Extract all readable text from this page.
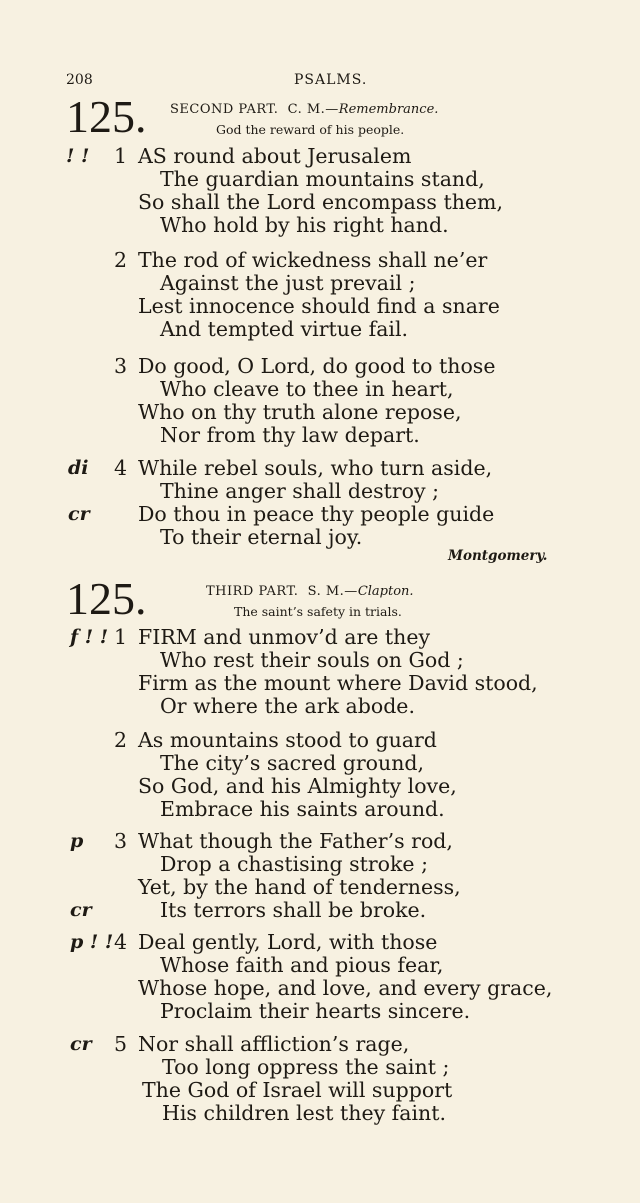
208	PSALMS.
125. SECOND PART. C. M.—Remembrance.
God the reward of his people.
! ! 1 AS round about Jerusalem
The guardian mountains stand,
So shall the Lord encompass them,
Who hold by his right hand.
2 The rod of wickedness shall ne’er
Against the just prevail ;
Lest innocence should find a snare
And tempted virtue fail.
3 Do good, O Lord, do good to those
Who cleave to thee in heart,
Who on thy truth alone repose,
Nor from thy law depart.
di 4 While rebel souls, who turn aside,
Thine anger shall destroy ;
cr Do thou in peace thy people guide
To their eternal joy.
Montgomery.
125.	THIRD PART. S. M.—Clapton.
The saint’s safety in trials.
f ! ! 1 FIRM and unmov’d are they
Who rest their souls on God ;
Firm as the mount where David stood,
Or where the ark abode.
2 As mountains stood to guard
The city’s sacred ground,
So God, and his Almighty love,
Embrace his saints around.
p 3 What though the Father’s rod,
Drop a chastising stroke ;
Yet, by the hand of tenderness,
cr	Its terrors shall be broke.
p ! ! 4 Deal gently, Lord, with those
Whose faith and pious fear,
Whose hope, and love, and every grace,
Proclaim their hearts sincere.
cr 5 Nor shall affliction’s rage,
Too long oppress the saint ;
The God of Israel will support
His children lest they faint.
